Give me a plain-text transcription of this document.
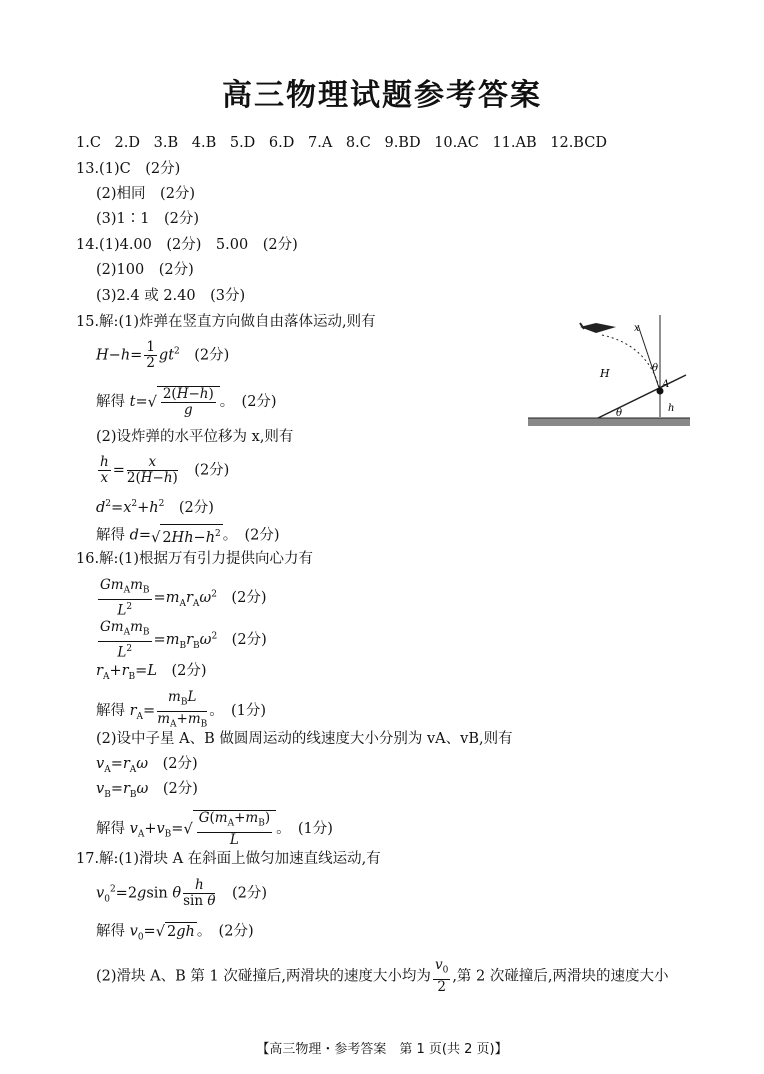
高三物理试题参考答案
1.C 2.D 3.B 4.B 5.D 6.D 7.A 8.C 9.BD 10.AC 11.AB 12.BCD
13.(1)C　(2分)
(2)相同　(2分)
(3)1∶1　(2分)
14.(1)4.00　(2分)　5.00　(2分)
(2)100　(2分)
(3)2.4 或 2.40　(3分)
15.解:(1)炸弹在竖直方向做自由落体运动,则有
$H-h= \frac{1}{2} gt^2$　(2分)
解得 $t=√ \frac{2(H-h)}{g}$ 。　(2分)
(2)设炸弹的水平位移为 x,则有
$\frac{h}{x} = \frac{x}{2(H-h)}$ 　(2分)
$d^2=x^2+h^2$　(2分)
解得 d=√ $2Hh-h^2$ 。　(2分)
x
θ
A
H
h
θ
16.解:(1)根据万有引力提供向心力有
$\frac{Gm_Am_B}{L^2} =m_Ar_A\omega^2$　(2分)
$\frac{Gm_Am_B}{L^2} =m_Br_B\omega^2$　(2分)
$r_A+r_B=L$　(2分)
解得 $r_A= \frac{m_BL}{m_A+m_B}$ 。　(1分)
(2)设中子星 A、B 做圆周运动的线速度大小分别为 vA、vB,则有
$v_A=r_A\omega$　(2分)
$v_B=r_B\omega$　(2分)
解得 $v_A+v_B=√ \frac{G(m_A+m_B)}{L}$ 。　(1分)
17.解:(1)滑块 A 在斜面上做匀加速直线运动,有
$v_0^2=2gsin$ θ $\frac{h}{\text{sin θ}}$ 　(2分)
解得 $v_0=√$ 2gh 。　(2分)
(2)滑块 A、B 第 1 次碰撞后,两滑块的速度大小均为 $\frac{v_0}{2}$ ,第 2 次碰撞后,两滑块的速度大小
【高三物理・参考答案　第 1 页(共 2 页)】
